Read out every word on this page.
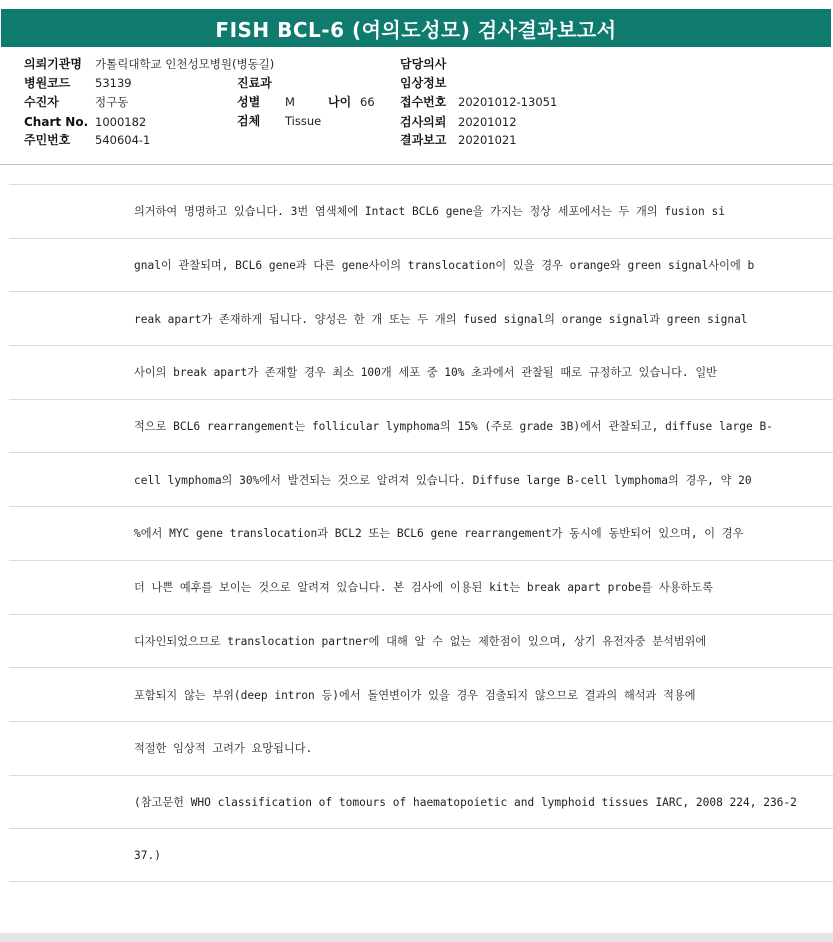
FISH BCL-6 (여의도성모) 검사결과보고서
의뢰기관명 가톨릭대학교 인천성모병원(병동길)
병원코드 53139
수진자	정구동
Chart No. 1000182
주민번호 540604-1
진료과
성별 M	나이 66
검체 Tissue
담당의사
임상정보
접수번호 20201012-13051
검사의뢰 20201012
결과보고 20201021
의거하여 명명하고 있습니다. 3번 염색체에 Intact BCL6 gene을 가지는 정상 세포에서는 두 개의 fusion si
gnal이 관찰되며, BCL6 gene과 다른 gene사이의 translocation이 있을 경우 orange와 green signal사이에 b
reak apart가 존재하게 됩니다. 양성은 한 개 또는 두 개의 fused signal의 orange signal과 green signal
사이의 break apart가 존재할 경우 최소 100개 세포 중 10% 초과에서 관찰될 때로 규정하고 있습니다. 일반
적으로 BCL6 rearrangement는 follicular lymphoma의 15% (주로 grade 3B)에서 관찰되고, diffuse large B-
cell lymphoma의 30%에서 발견되는 것으로 알려져 있습니다. Diffuse large B-cell lymphoma의 경우, 약 20
%에서 MYC gene translocation과 BCL2 또는 BCL6 gene rearrangement가 동시에 동반되어 있으며, 이 경우
더 나쁜 예후를 보이는 것으로 알려져 있습니다. 본 검사에 이용된 kit는 break apart probe를 사용하도록
디자인되었으므로 translocation partner에 대해 알 수 없는 제한점이 있으며, 상기 유전자중 분석범위에
포함되지 않는 부위(deep intron 등)에서 돌연변이가 있을 경우 검출되지 않으므로 결과의 해석과 적용에
적절한 임상적 고려가 요망됩니다.
(참고문헌 WHO classification of tomours of haematopoietic and lymphoid tissues IARC, 2008 224, 236-2
37.)
